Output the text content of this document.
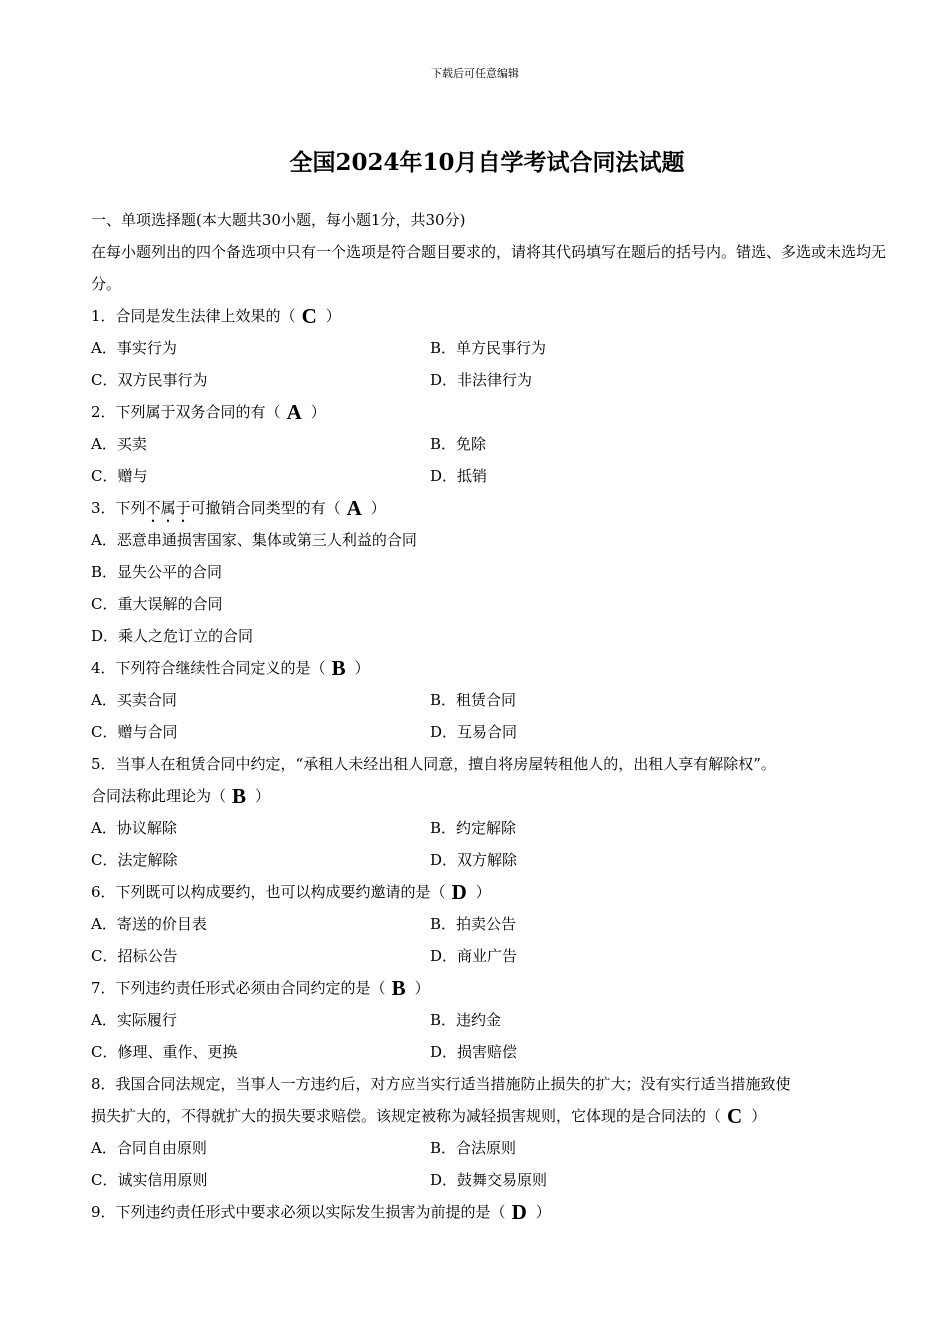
下载后可任意编辑
全国2024年10月自学考试合同法试题
一、单项选择题(本大题共30小题，每小题1分，共30分)
在每小题列出的四个备选项中只有一个选项是符合题目要求的，请将其代码填写在题后的括号内。错选、多选或未选均无分。
1．合同是发生法律上效果的（ C ）
A．事实行为	B．单方民事行为
C．双方民事行为	D．非法律行为
2．下列属于双务合同的有（ A ）
A．买卖	B．免除
C．赠与	D．抵销
3．下列不属于可撤销合同类型的有（ A ）
A．恶意串通损害国家、集体或第三人利益的合同
B．显失公平的合同
C．重大误解的合同
D．乘人之危订立的合同
4．下列符合继续性合同定义的是（ B ）
A．买卖合同	B．租赁合同
C．赠与合同	D．互易合同
5．当事人在租赁合同中约定，“承租人未经出租人同意，擅自将房屋转租他人的，出租人享有解除权”。
合同法称此理论为（ B ）
A．协议解除	B．约定解除
C．法定解除	D．双方解除
6．下列既可以构成要约，也可以构成要约邀请的是（ D ）
A．寄送的价目表	B．拍卖公告
C．招标公告	D．商业广告
7．下列违约责任形式必须由合同约定的是（ B ）
A．实际履行	B．违约金
C．修理、重作、更换	D．损害赔偿
8．我国合同法规定，当事人一方违约后，对方应当实行适当措施防止损失的扩大；没有实行适当措施致使
损失扩大的，不得就扩大的损失要求赔偿。该规定被称为减轻损害规则，它体现的是合同法的（ C ）
A．合同自由原则	B．合法原则
C．诚实信用原则	D．鼓舞交易原则
9．下列违约责任形式中要求必须以实际发生损害为前提的是（ D ）
